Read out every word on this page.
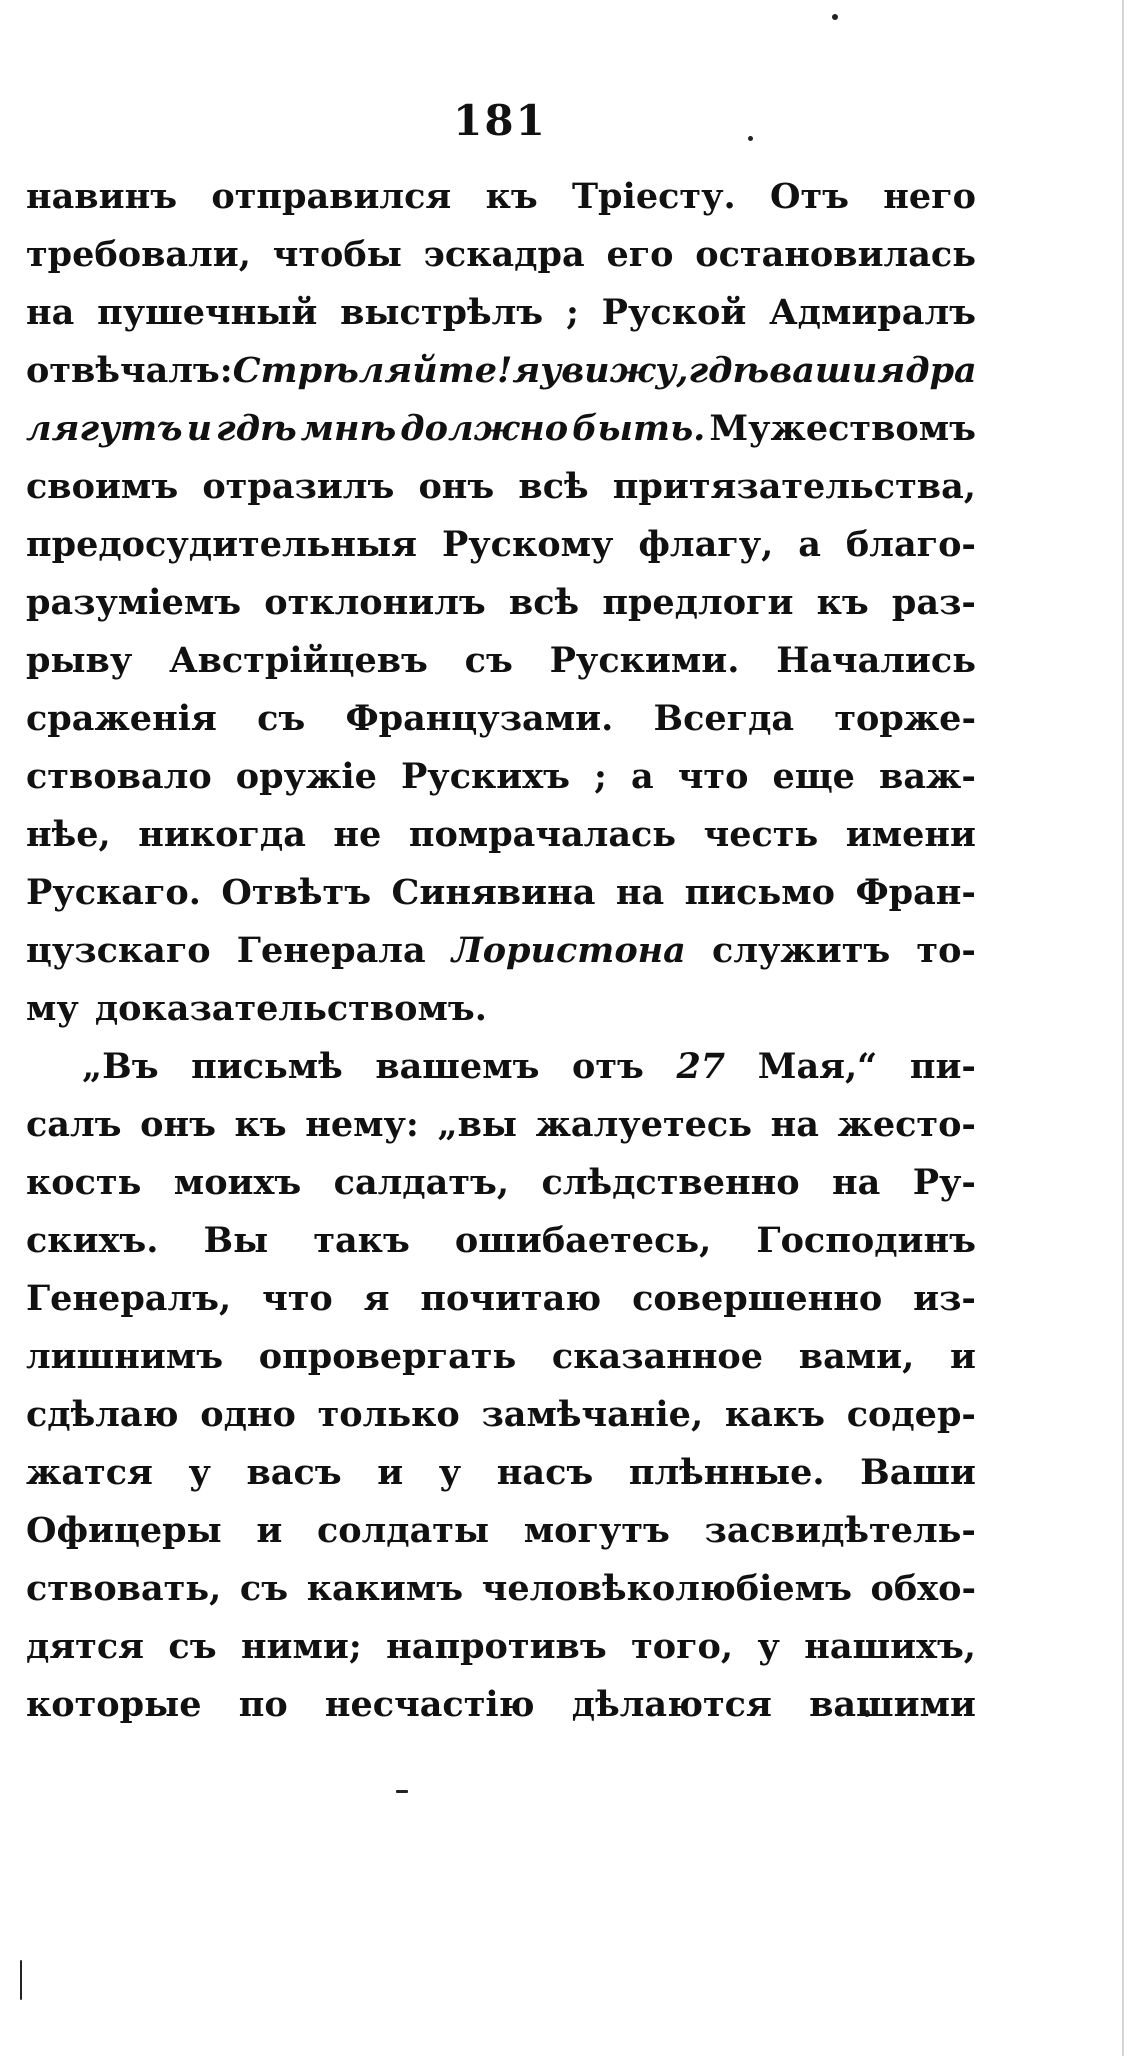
181
навинъ отправился къ Тріесту. Отъ него
требовали, чтобы эскадра его остановилась
на пушечный выстрѣлъ ; Руской Адмиралъ
отвѣчалъ: Стрѣляйте! я увижу, гдѣ ваши ядра
лягутъ и гдѣ мнѣ должно быть. Мужествомъ
своимъ отразилъ онъ всѣ притязательства,
предосудительныя Рускому флагу, а благо-
разуміемъ отклонилъ всѣ предлоги къ раз-
рыву Австрійцевъ съ Рускими. Начались
сраженія съ Французами. Всегда торже-
ствовало оружіе Рускихъ ; а что еще важ-
нѣе, никогда не помрачалась честь имени
Рускаго. Отвѣтъ Синявина на письмо Фран-
цузскаго Генерала Лористона служитъ то-
му доказательствомъ.
„Въ письмѣ вашемъ отъ 27 Мая,“ пи-
салъ онъ къ нему: „вы жалуетесь на жесто-
кость моихъ салдатъ, слѣдственно на Ру-
скихъ. Вы такъ ошибаетесь, Господинъ
Генералъ, что я почитаю совершенно из-
лишнимъ опровергать сказанное вами, и
сдѣлаю одно только замѣчаніе, какъ содер-
жатся у васъ и у насъ плѣнные. Ваши
Офицеры и солдаты могутъ засвидѣтель-
ствовать, съ какимъ человѣколюбіемъ обхо-
дятся съ ними; напротивъ того, у нашихъ,
которые по несчастію дѣлаются вашими
